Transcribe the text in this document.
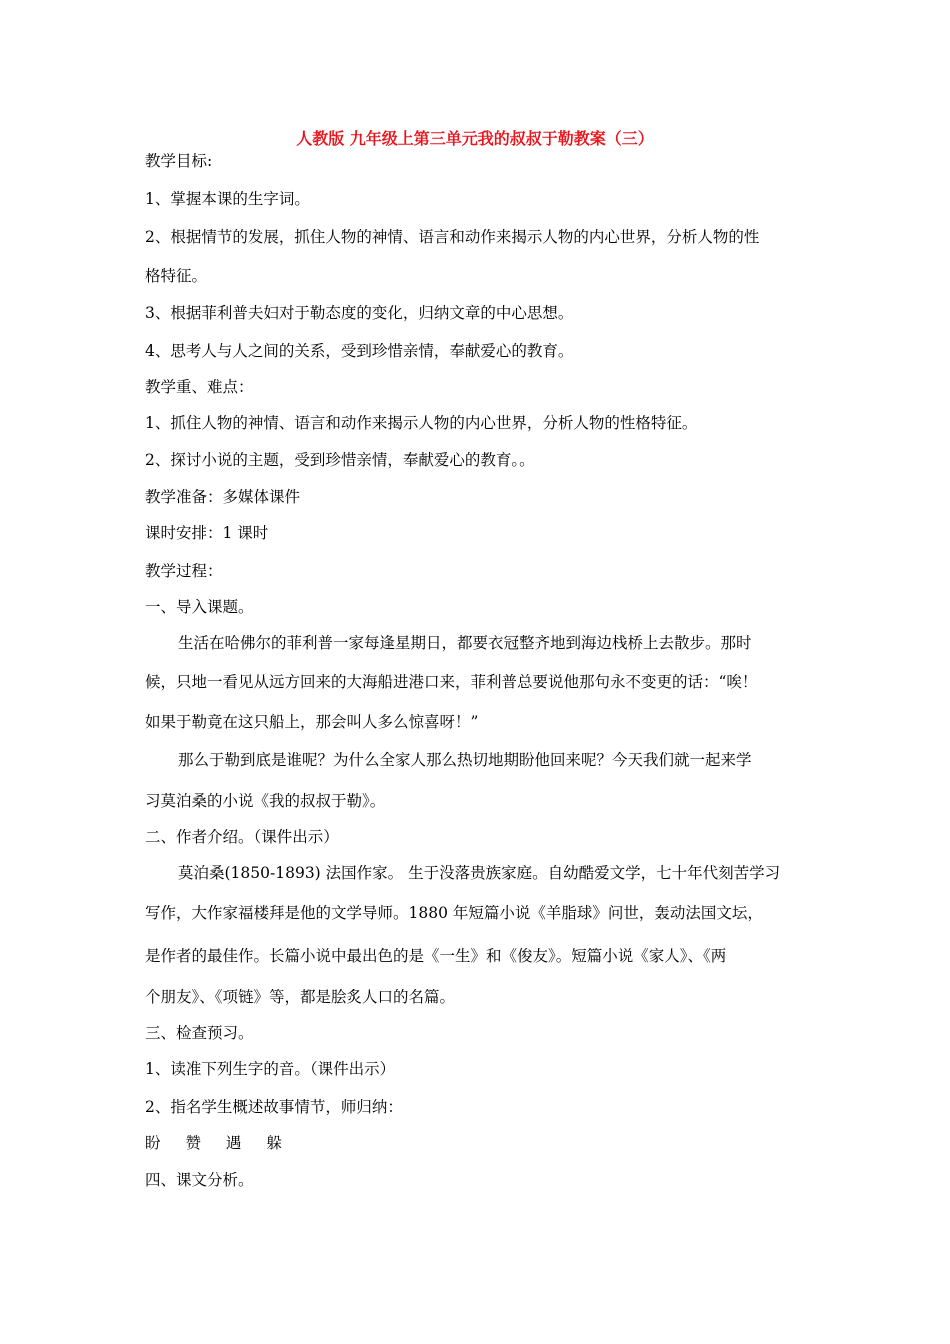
人教版 九年级上第三单元我的叔叔于勒教案（三）
教学目标:
1、掌握本课的生字词。
2、根据情节的发展，抓住人物的神情、语言和动作来揭示人物的内心世界，分析人物的性
格特征。
3、根据菲利普夫妇对于勒态度的变化，归纳文章的中心思想。
4、思考人与人之间的关系，受到珍惜亲情，奉献爱心的教育。
教学重、难点：
1、抓住人物的神情、语言和动作来揭示人物的内心世界，分析人物的性格特征。
2、探讨小说的主题，受到珍惜亲情，奉献爱心的教育。。
教学准备：多媒体课件
课时安排：1 课时
教学过程：
一、导入课题。
生活在哈佛尔的菲利普一家每逢星期日，都要衣冠整齐地到海边栈桥上去散步。那时
候，只地一看见从远方回来的大海船进港口来，菲利普总要说他那句永不变更的话：“唉！
如果于勒竟在这只船上，那会叫人多么惊喜呀！”
那么于勒到底是谁呢？为什么全家人那么热切地期盼他回来呢？今天我们就一起来学
习莫泊桑的小说《我的叔叔于勒》。
二、作者介绍。（课件出示）
莫泊桑(1850-1893) 法国作家。 生于没落贵族家庭。自幼酷爱文学，七十年代刻苦学习
写作，大作家福楼拜是他的文学导师。1880 年短篇小说《羊脂球》问世，轰动法国文坛，
是作者的最佳作。长篇小说中最出色的是《一生》和《俊友》。短篇小说《家人》、《两
个朋友》、《项链》等，都是脍炙人口的名篇。
三、检查预习。
1、读准下列生字的音。（课件出示）
2、指名学生概述故事情节，师归纳：
盼 赞 遇 躲
四、课文分析。
